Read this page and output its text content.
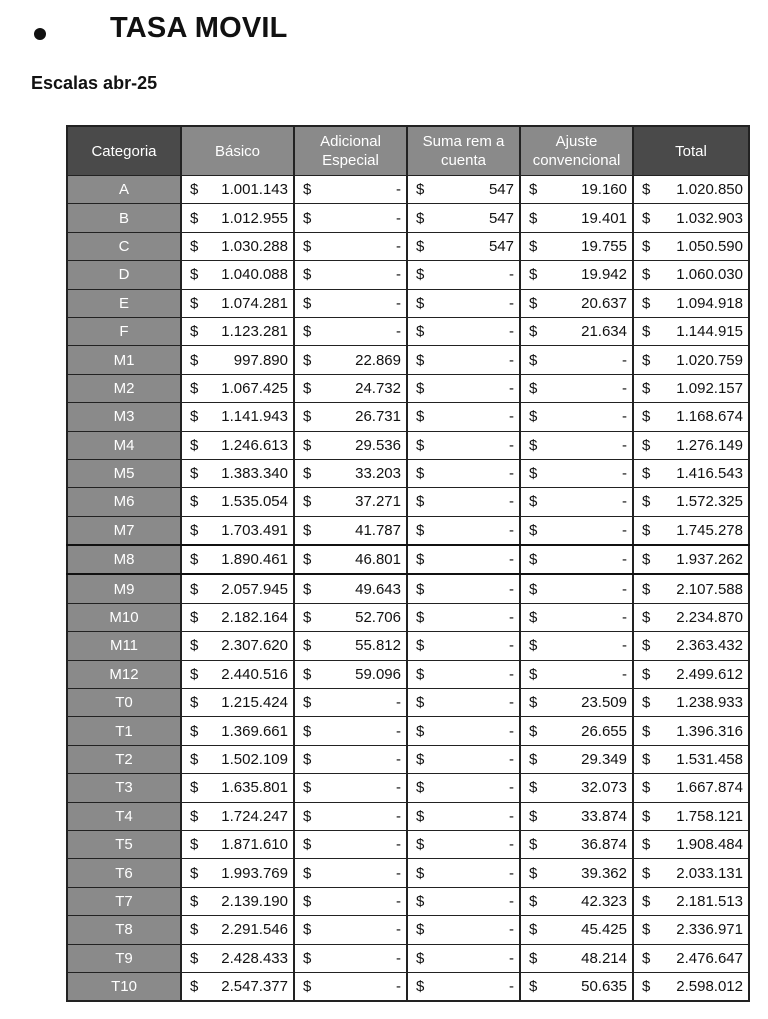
TASA MOVIL
Escalas abr-25
Categoria	Básico	Adicional Especial	Suma rem a cuenta	Ajuste convencional	Total
A	$ 1.001.143	$ -	$ 547	$ 19.160	$ 1.020.850

B	$ 1.012.955	$ -	$ 547	$ 19.401	$ 1.032.903

C	$ 1.030.288	$ -	$ 547	$ 19.755	$ 1.050.590

D	$ 1.040.088	$ -	$ -	$ 19.942	$ 1.060.030

E	$ 1.074.281	$ -	$ -	$ 20.637	$ 1.094.918

F	$ 1.123.281	$ -	$ -	$ 21.634	$ 1.144.915

M1	$ 997.890	$ 22.869	$ -	$ -	$ 1.020.759

M2	$ 1.067.425	$ 24.732	$ -	$ -	$ 1.092.157

M3	$ 1.141.943	$ 26.731	$ -	$ -	$ 1.168.674

M4	$ 1.246.613	$ 29.536	$ -	$ -	$ 1.276.149

M5	$ 1.383.340	$ 33.203	$ -	$ -	$ 1.416.543

M6	$ 1.535.054	$ 37.271	$ -	$ -	$ 1.572.325

M7	$ 1.703.491	$ 41.787	$ -	$ -	$ 1.745.278

M8	$ 1.890.461	$ 46.801	$ -	$ -	$ 1.937.262

M9	$ 2.057.945	$ 49.643	$ -	$ -	$ 2.107.588

M10	$ 2.182.164	$ 52.706	$ -	$ -	$ 2.234.870

M11	$ 2.307.620	$ 55.812	$ -	$ -	$ 2.363.432

M12	$ 2.440.516	$ 59.096	$ -	$ -	$ 2.499.612

T0	$ 1.215.424	$ -	$ -	$ 23.509	$ 1.238.933

T1	$ 1.369.661	$ -	$ -	$ 26.655	$ 1.396.316

T2	$ 1.502.109	$ -	$ -	$ 29.349	$ 1.531.458

T3	$ 1.635.801	$ -	$ -	$ 32.073	$ 1.667.874

T4	$ 1.724.247	$ -	$ -	$ 33.874	$ 1.758.121

T5	$ 1.871.610	$ -	$ -	$ 36.874	$ 1.908.484

T6	$ 1.993.769	$ -	$ -	$ 39.362	$ 2.033.131

T7	$ 2.139.190	$ -	$ -	$ 42.323	$ 2.181.513

T8	$ 2.291.546	$ -	$ -	$ 45.425	$ 2.336.971

T9	$ 2.428.433	$ -	$ -	$ 48.214	$ 2.476.647

T10	$ 2.547.377	$ -	$ -	$ 50.635	$ 2.598.012
